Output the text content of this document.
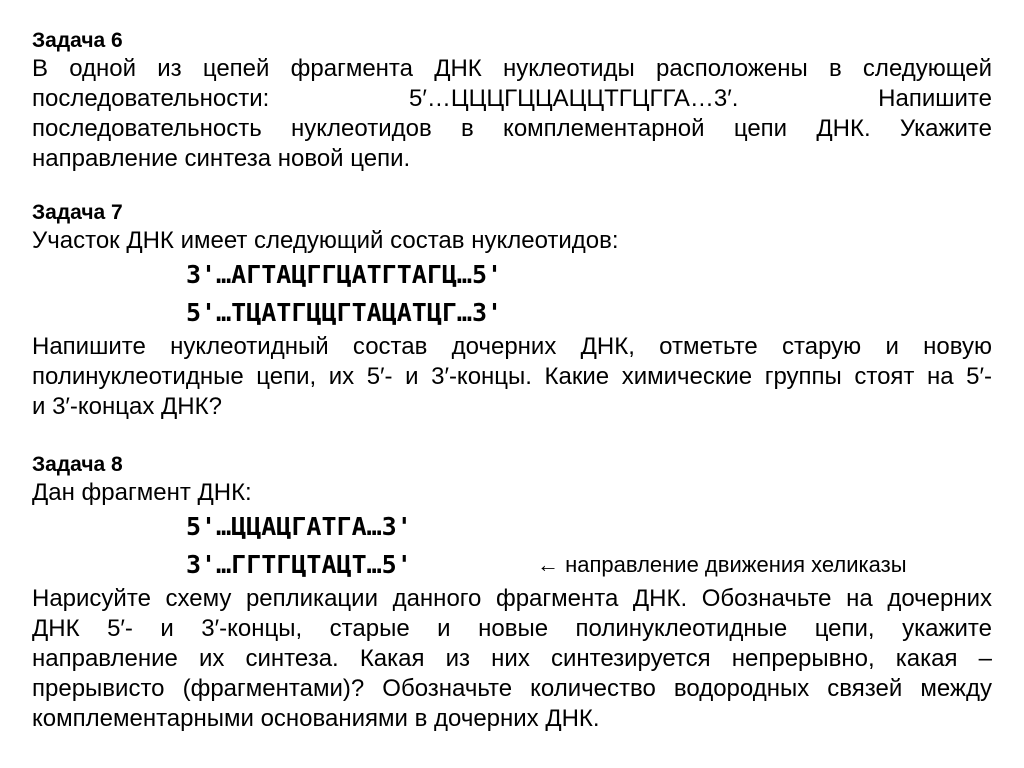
Задача 6

В одной из цепей фрагмента ДНК нуклеотиды расположены в следующей

последовательности:	5′…ЦЦЦГЦЦАЦЦТГЦГГА…3′.	Напишите

последовательность нуклеотидов в комплементарной цепи ДНК. Укажите

направление синтеза новой цепи.

Задача 7

Участок ДНК имеет следующий состав нуклеотидов:

3'…АГТАЦГГЦАТГТАГЦ…5'

5'…ТЦАТГЦЦГТАЦАТЦГ…3'

Напишите нуклеотидный состав дочерних ДНК, отметьте старую и новую

полинуклеотидные цепи, их 5′- и 3′-концы. Какие химические группы стоят на 5′-

и 3′-концах ДНК?

Задача 8

Дан фрагмент ДНК:

5'…ЦЦАЦГАТГА…3'

3'…ГГТГЦТАЦТ…5'	← направление движения хеликазы

Нарисуйте схему репликации данного фрагмента ДНК. Обозначьте на дочерних

ДНК 5′- и 3′-концы, старые и новые полинуклеотидные цепи, укажите

направление их синтеза. Какая из них синтезируется непрерывно, какая –

прерывисто (фрагментами)? Обозначьте количество водородных связей между

комплементарными основаниями в дочерних ДНК.
